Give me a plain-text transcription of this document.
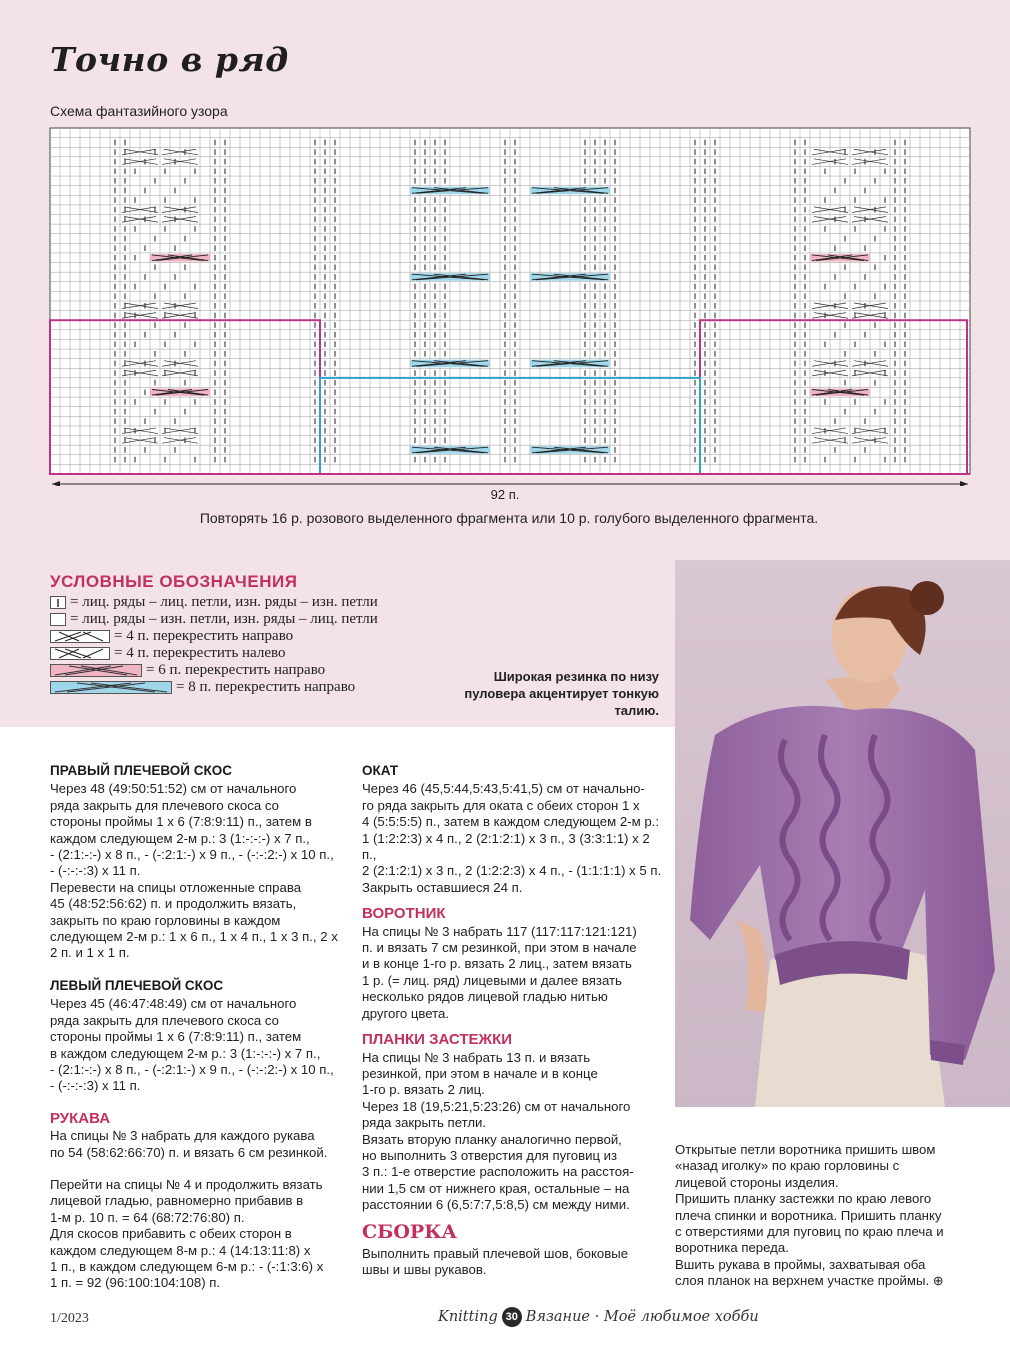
Точно в ряд
Схема фантазийного узора
92 п.
Повторять 16 р. розового выделенного фрагмента или 10 р. голубого выделенного фрагмента.
УСЛОВНЫЕ ОБОЗНАЧЕНИЯ
= лиц. ряды – лиц. петли, изн. ряды – изн. петли
= лиц. ряды – изн. петли, изн. ряды – лиц. петли
= 4 п. перекрестить направо
= 4 п. перекрестить налево
= 6 п. перекрестить направо
= 8 п. перекрестить направо
Широкая резинка по низу пуловера акцентирует тонкую талию.
ПРАВЫЙ ПЛЕЧЕВОЙ СКОС
Через 48 (49:50:51:52) см от начального
ряда закрыть для плечевого скоса со
стороны проймы 1 х 6 (7:8:9:11) п., затем в
каждом следующем 2-м р.: 3 (1:-:-:-) х 7 п.,
- (2:1:-:-) х 8 п., - (-:2:1:-) х 9 п., - (-:-:2:-) х 10 п.,
- (-:-:-:3) х 11 п.
Перевести на спицы отложенные справа
45 (48:52:56:62) п. и продолжить вязать,
закрыть по краю горловины в каждом
следующем 2-м р.: 1 х 6 п., 1 х 4 п., 1 х 3 п., 2 х
2 п. и 1 х 1 п.
ЛЕВЫЙ ПЛЕЧЕВОЙ СКОС
Через 45 (46:47:48:49) см от начального
ряда закрыть для плечевого скоса со
стороны проймы 1 х 6 (7:8:9:11) п., затем
в каждом следующем 2-м р.: 3 (1:-:-:-) х 7 п.,
- (2:1:-:-) х 8 п., - (-:2:1:-) х 9 п., - (-:-:2:-) х 10 п.,
- (-:-:-:3) х 11 п.
РУКАВА
На спицы № 3 набрать для каждого рукава
по 54 (58:62:66:70) п. и вязать 6 см резинкой.
Перейти на спицы № 4 и продолжить вязать
лицевой гладью, равномерно прибавив в
1-м р. 10 п. = 64 (68:72:76:80) п.
Для скосов прибавить с обеих сторон в
каждом следующем 8-м р.: 4 (14:13:11:8) х
1 п., в каждом следующем 6-м р.: - (-:1:3:6) х
1 п. = 92 (96:100:104:108) п.
ОКАТ
Через 46 (45,5:44,5:43,5:41,5) см от начально-
го ряда закрыть для оката с обеих сторон 1 х
4 (5:5:5:5) п., затем в каждом следующем 2-м р.:
1 (1:2:2:3) х 4 п., 2 (2:1:2:1) х 3 п., 3 (3:3:1:1) х 2 п.,
2 (2:1:2:1) х 3 п., 2 (1:2:2:3) х 4 п., - (1:1:1:1) х 5 п.
Закрыть оставшиеся 24 п.
ВОРОТНИК
На спицы № 3 набрать 117 (117:117:121:121)
п. и вязать 7 см резинкой, при этом в начале
и в конце 1-го р. вязать 2 лиц., затем вязать
1 р. (= лиц. ряд) лицевыми и далее вязать
несколько рядов лицевой гладью нитью
другого цвета.
ПЛАНКИ ЗАСТЕЖКИ
На спицы № 3 набрать 13 п. и вязать
резинкой, при этом в начале и в конце
1-го р. вязать 2 лиц.
Через 18 (19,5:21,5:23:26) см от начального
ряда закрыть петли.
Вязать вторую планку аналогично первой,
но выполнить 3 отверстия для пуговиц из
3 п.: 1-е отверстие расположить на расстоя-
нии 1,5 см от нижнего края, остальные – на
расстоянии 6 (6,5:7:7,5:8,5) см между ними.
СБОРКА
Выполнить правый плечевой шов, боковые
швы и швы рукавов.
Открытые петли воротника пришить швом
«назад иголку» по краю горловины с
лицевой стороны изделия.
Пришить планку застежки по краю левого
плеча спинки и воротника. Пришить планку
с отверстиями для пуговиц по краю плеча и
воротника переда.
Вшить рукава в проймы, захватывая оба
слоя планок на верхнем участке проймы. ⊕
1/2023	Knitting 30 Вязание · Моё любимое хобби
